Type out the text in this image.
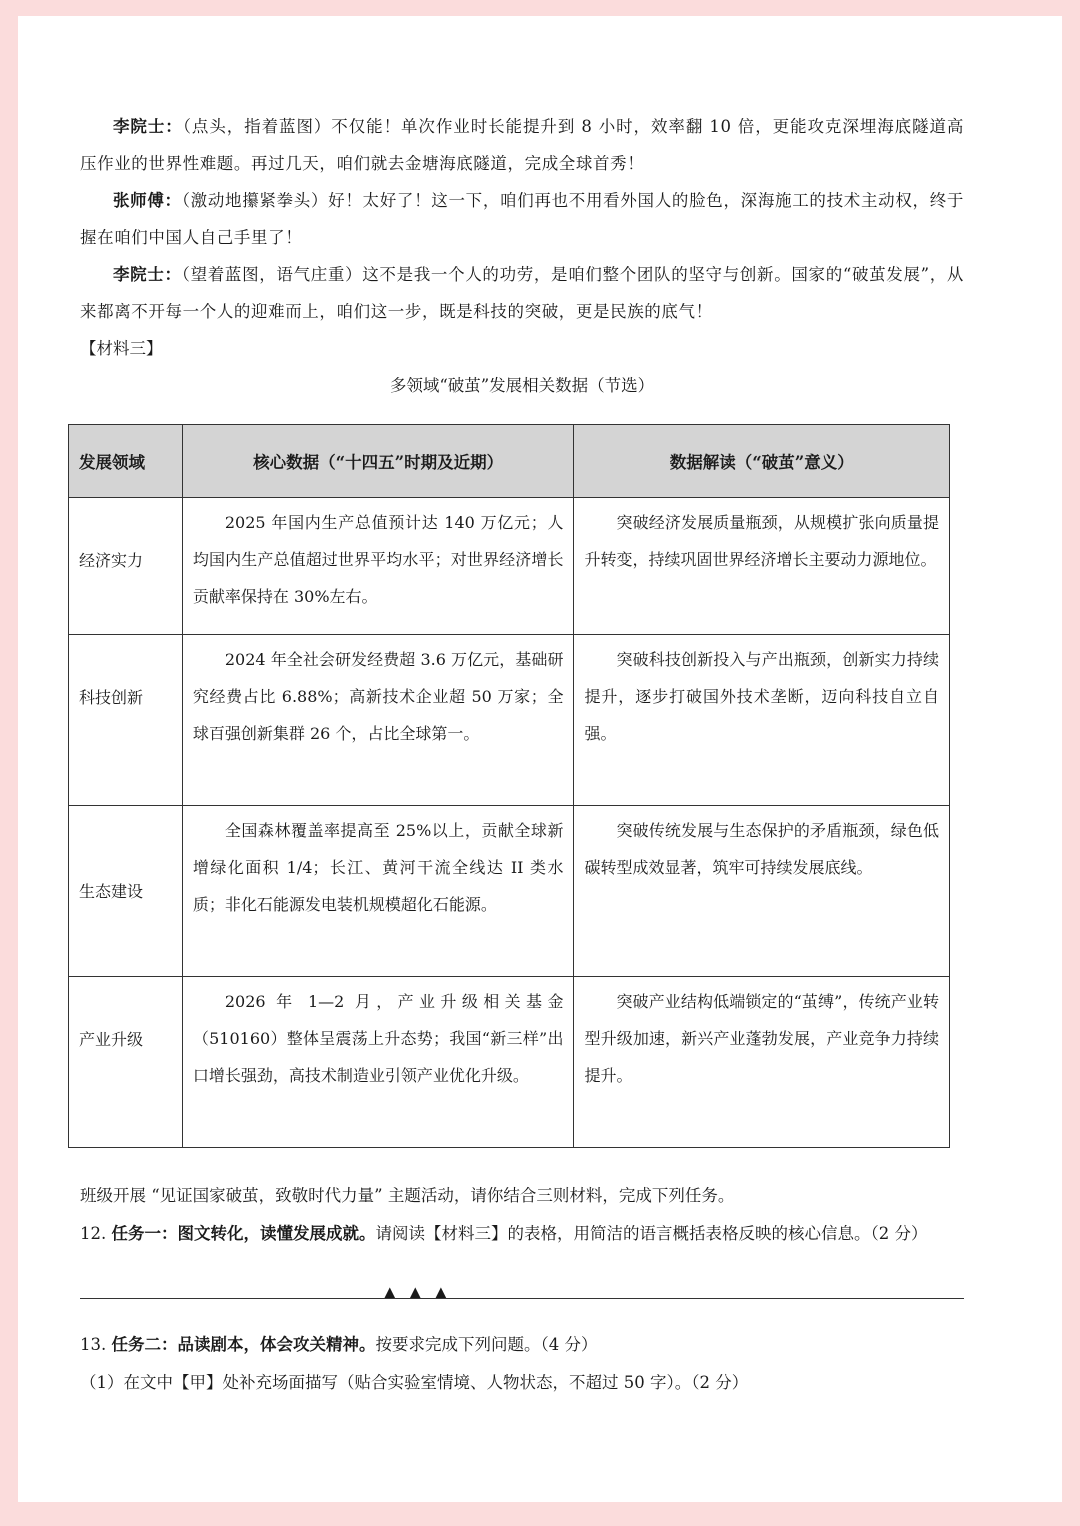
李院士：（点头，指着蓝图）不仅能！单次作业时长能提升到 8 小时，效率翻 10 倍，更能攻克深埋海底隧道高压作业的世界性难题。再过几天，咱们就去金塘海底隧道，完成全球首秀！

张师傅：（激动地攥紧拳头）好！太好了！这一下，咱们再也不用看外国人的脸色，深海施工的技术主动权，终于握在咱们中国人自己手里了！

李院士：（望着蓝图，语气庄重）这不是我一个人的功劳，是咱们整个团队的坚守与创新。国家的“破茧发展”，从来都离不开每一个人的迎难而上，咱们这一步，既是科技的突破，更是民族的底气！

【材料三】

多领域“破茧”发展相关数据（节选）

发展领域	核心数据（“十四五”时期及近期）	数据解读（“破茧”意义）
经济实力	2025 年国内生产总值预计达 140 万亿元；人均国内生产总值超过世界平均水平；对世界经济增长贡献率保持在 30%左右。	突破经济发展质量瓶颈，从规模扩张向质量提升转变，持续巩固世界经济增长主要动力源地位。

科技创新	2024 年全社会研发经费超 3.6 万亿元，基础研究经费占比 6.88%；高新技术企业超 50 万家；全球百强创新集群 26 个，占比全球第一。	突破科技创新投入与产出瓶颈，创新实力持续提升，逐步打破国外技术垄断，迈向科技自立自强。

生态建设	全国森林覆盖率提高至 25%以上，贡献全球新增绿化面积 1/4；长江、黄河干流全线达 II 类水质；非化石能源发电装机规模超化石能源。	突破传统发展与生态保护的矛盾瓶颈，绿色低碳转型成效显著，筑牢可持续发展底线。

产业升级	2026 年 1—2 月，产业升级相关基金（510160）整体呈震荡上升态势；我国“新三样”出口增长强劲，高技术制造业引领产业优化升级。	突破产业结构低端锁定的“茧缚”，传统产业转型升级加速，新兴产业蓬勃发展，产业竞争力持续提升。

班级开展 “见证国家破茧，致敬时代力量” 主题活动，请你结合三则材料，完成下列任务。

12. 任务一：图文转化，读懂发展成就。请阅读【材料三】的表格，用简洁的语言概括表格反映的核心信息。（2 分）

▲▲▲

13. 任务二：品读剧本，体会攻关精神。按要求完成下列问题。（4 分）

（1）在文中【甲】处补充场面描写（贴合实验室情境、人物状态，不超过 50 字）。（2 分）
